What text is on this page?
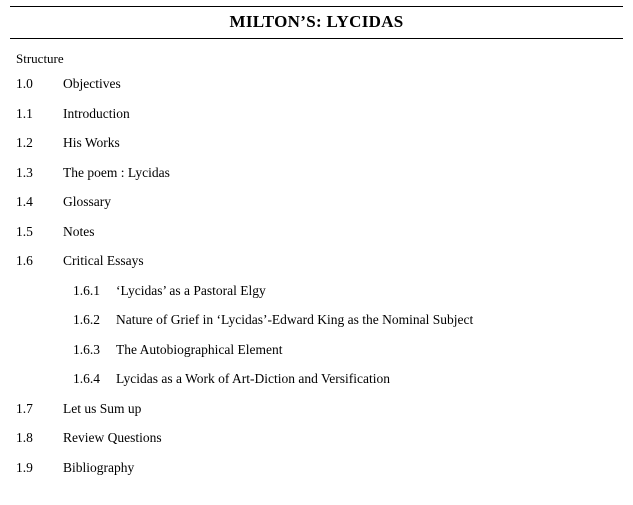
MILTON’S: LYCIDAS
Structure
1.0	Objectives
1.1	Introduction
1.2	His Works
1.3	The poem : Lycidas
1.4	Glossary
1.5	Notes
1.6	Critical Essays
1.6.1	‘Lycidas’ as a Pastoral Elgy
1.6.2	Nature of Grief in ‘Lycidas’-Edward King as the Nominal Subject
1.6.3	The Autobiographical Element
1.6.4	Lycidas as a Work of Art-Diction and Versification
1.7	Let us Sum up
1.8	Review Questions
1.9	Bibliography
